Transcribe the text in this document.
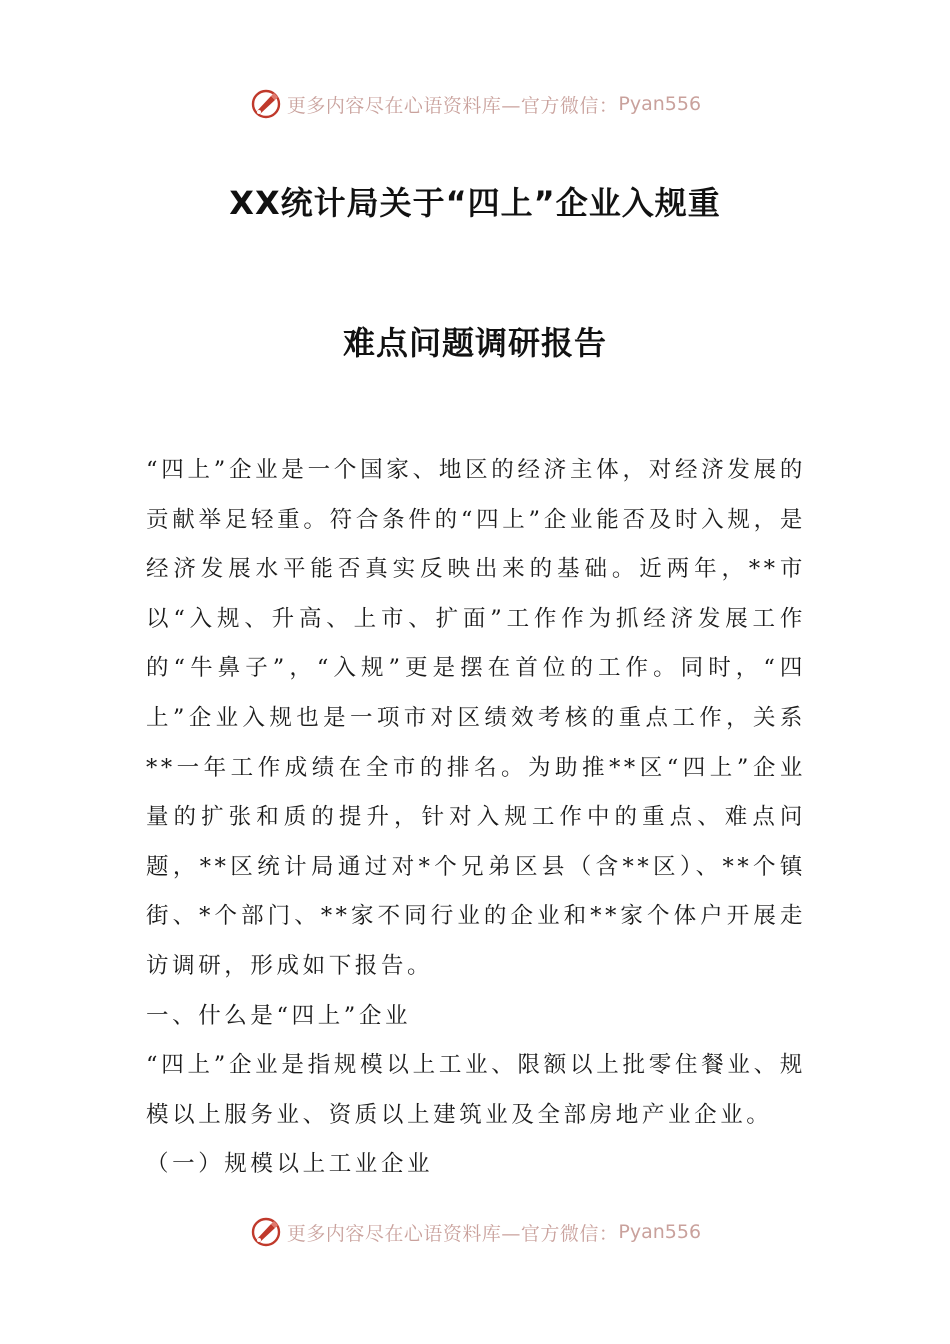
更多内容尽在心语资料库—官方微信： Pyan556
XX统计局关于“四上”企业入规重
难点问题调研报告

“四上”企业是一个国家、地区的经济主体，对经济发展的贡献举足轻重。符合条件的“四上”企业能否及时入规，是经济发展水平能否真实反映出来的基础。近两年，**市以“入规、升高、上市、扩面”工作作为抓经济发展工作的“牛鼻子”，“入规”更是摆在首位的工作。同时，“四上”企业入规也是一项市对区绩效考核的重点工作，关系**一年工作成绩在全市的排名。为助推**区“四上”企业量的扩张和质的提升，针对入规工作中的重点、难点问题，**区统计局通过对*个兄弟区县（含**区）、**个镇街、*个部门、**家不同行业的企业和**家个体户开展走访调研，形成如下报告。

一、什么是“四上”企业

“四上”企业是指规模以上工业、限额以上批零住餐业、规模以上服务业、资质以上建筑业及全部房地产业企业。

（一）规模以上工业企业

更多内容尽在心语资料库—官方微信： Pyan556
